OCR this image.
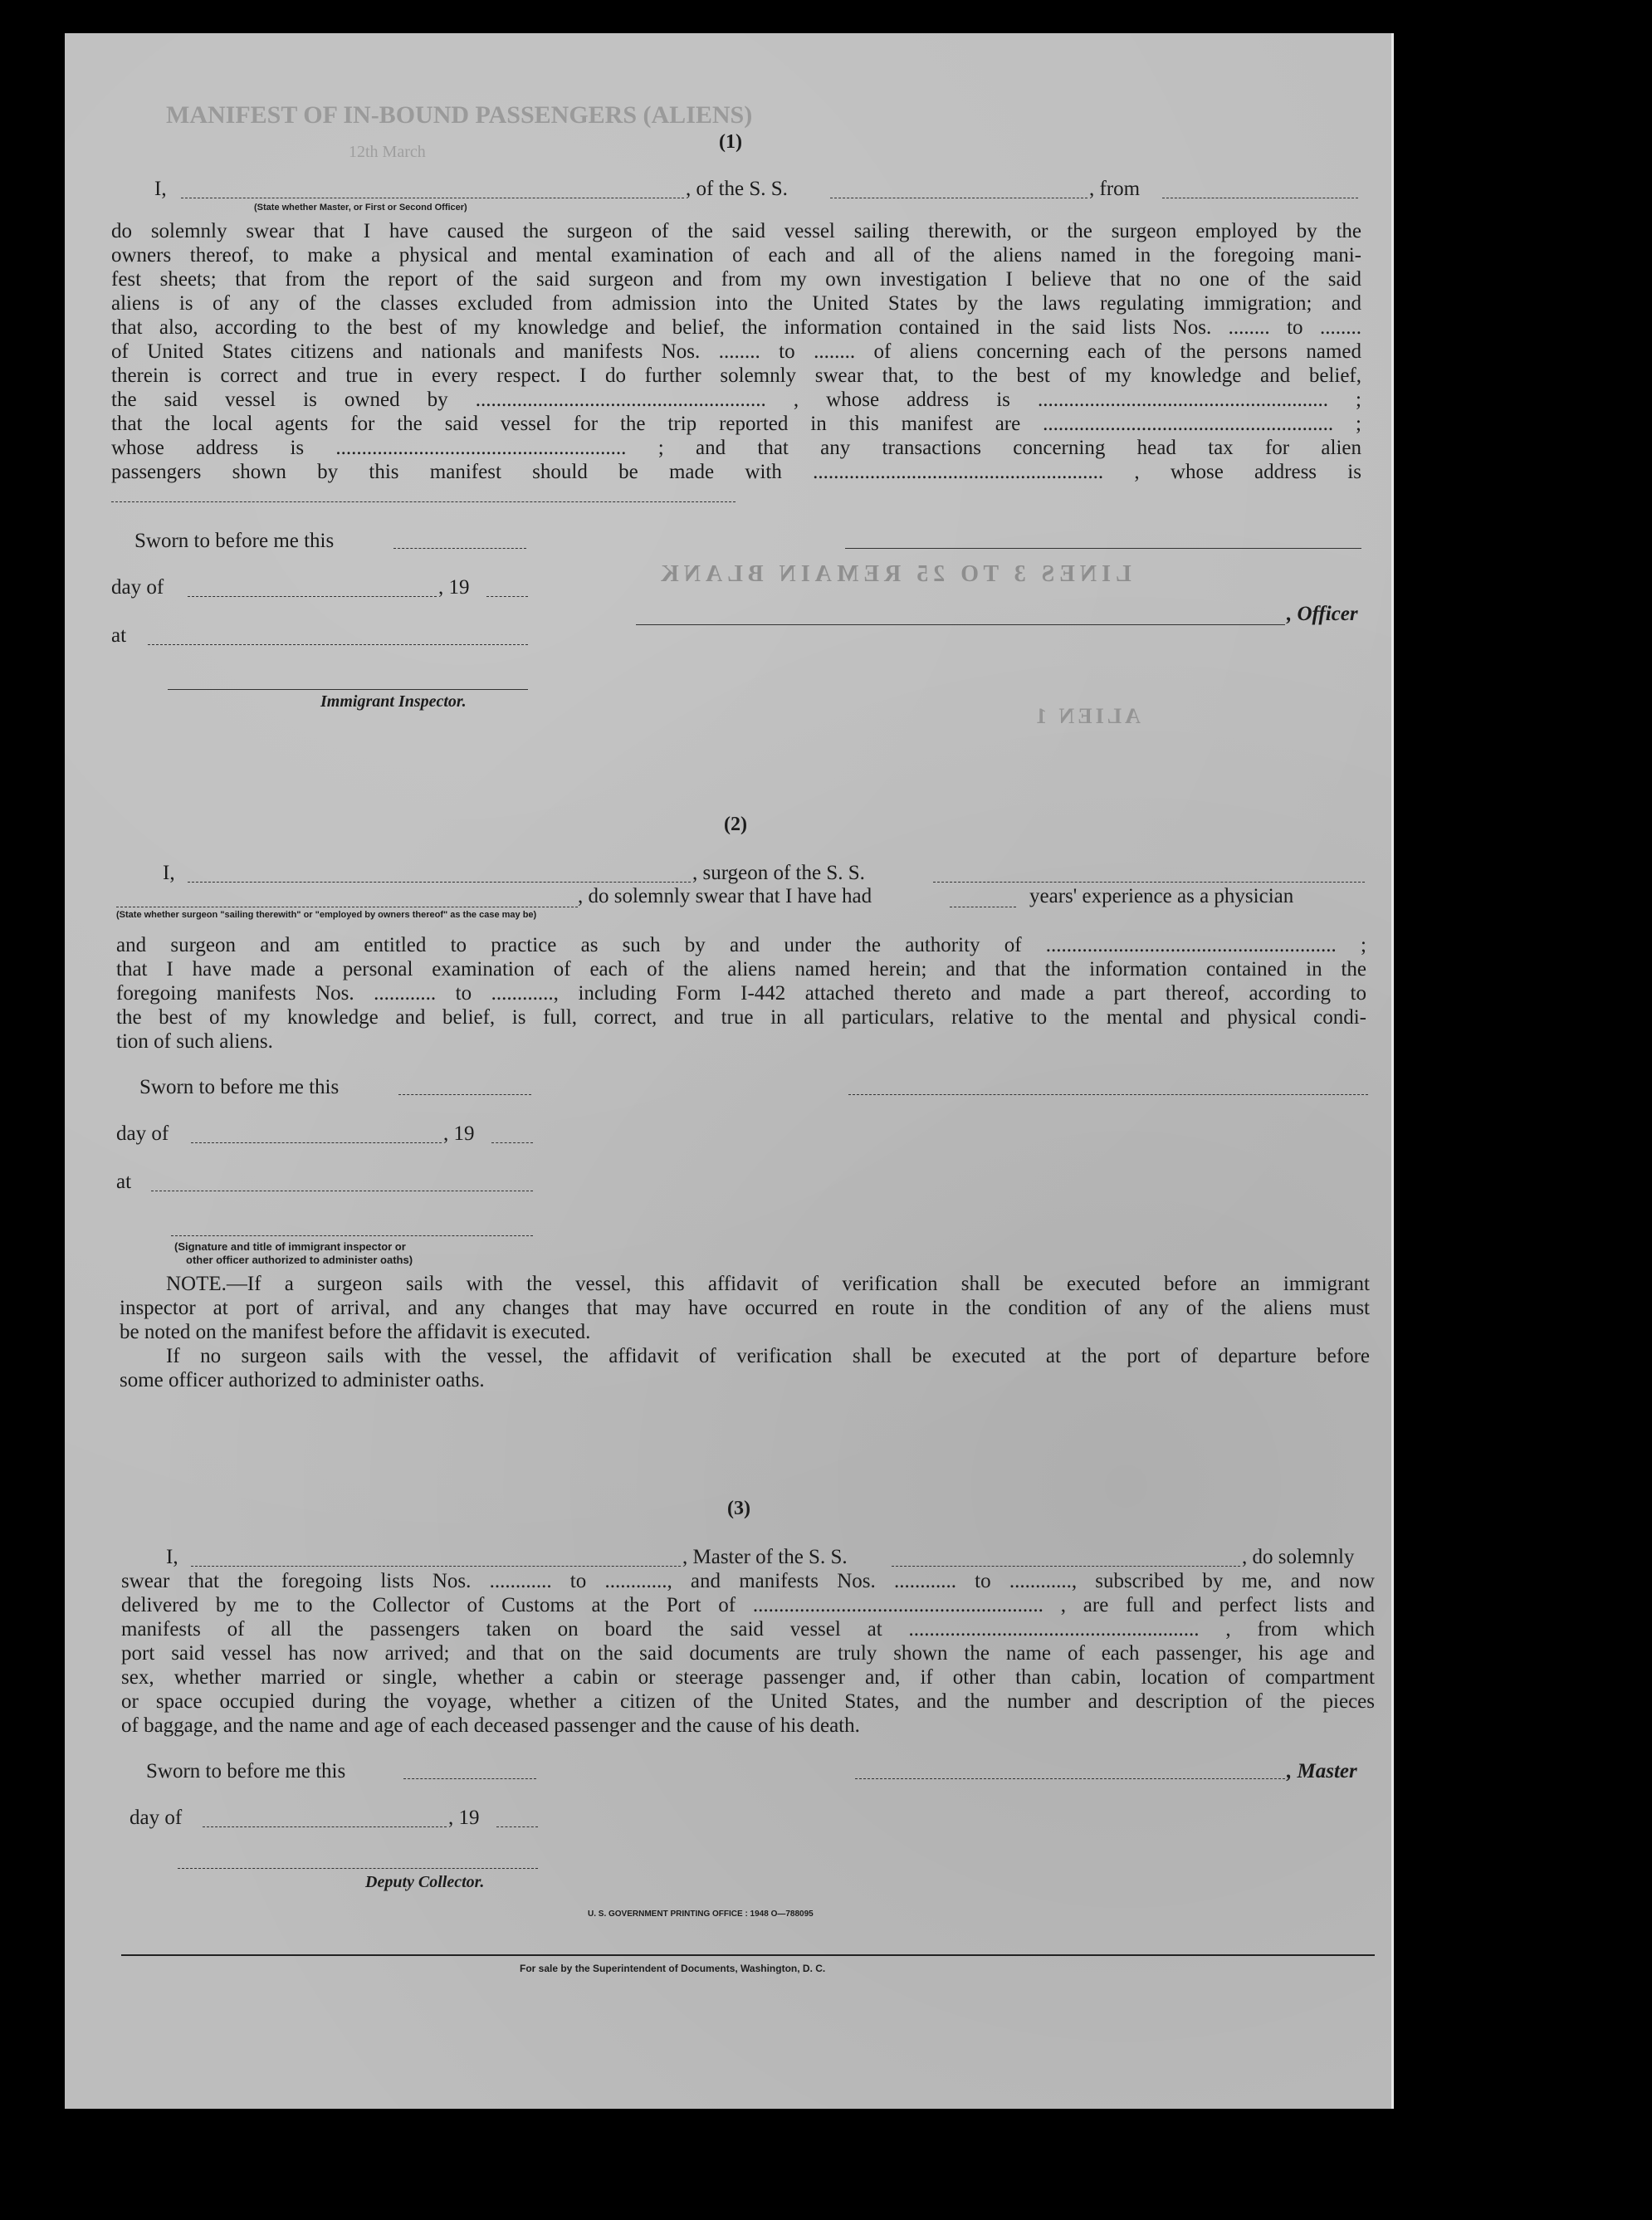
MANIFEST OF IN-BOUND PASSENGERS (ALIENS)
12th March	(1)
I,	, of the S. S.	, from
(State whether Master, or First or Second Officer)
do solemnly swear that I have caused the surgeon of the said vessel sailing therewith, or the surgeon employed by the
owners thereof, to make a physical and mental examination of each and all of the aliens named in the foregoing mani-
fest sheets; that from the report of the said surgeon and from my own investigation I believe that no one of the said
aliens is of any of the classes excluded from admission into the United States by the laws regulating immigration; and
that also, according to the best of my knowledge and belief, the information contained in the said lists Nos. ........ to ........
of United States citizens and nationals and manifests Nos. ........ to ........ of aliens concerning each of the persons named
therein is correct and true in every respect. I do further solemnly swear that, to the best of my knowledge and belief,
the said vessel is owned by ........................................................ , whose address is ........................................................ ;
that the local agents for the said vessel for the trip reported in this manifest are ........................................................ ;
whose address is ........................................................ ; and that any transactions concerning head tax for alien
passengers shown by this manifest should be made with ........................................................ , whose address is
Sworn to before me this
day of	, 19
LINES 3 TO 25 REMAIN BLANK
, Officer
at
Immigrant Inspector.
ALIEN 1
(2)
I,	, surgeon of the S. S.
, do solemnly swear that I have had	years' experience as a physician
(State whether surgeon "sailing therewith" or "employed by owners thereof" as the case may be)
and surgeon and am entitled to practice as such by and under the authority of ........................................................ ;
that I have made a personal examination of each of the aliens named herein; and that the information contained in the
foregoing manifests Nos. ............ to ............, including Form I-442 attached thereto and made a part thereof, according to
the best of my knowledge and belief, is full, correct, and true in all particulars, relative to the mental and physical condi-
tion of such aliens.
Sworn to before me this
day of	, 19
at
(Signature and title of immigrant inspector or
other officer authorized to administer oaths)
NOTE.—If a surgeon sails with the vessel, this affidavit of verification shall be executed before an immigrant
inspector at port of arrival, and any changes that may have occurred en route in the condition of any of the aliens must
be noted on the manifest before the affidavit is executed.
If no surgeon sails with the vessel, the affidavit of verification shall be executed at the port of departure before
some officer authorized to administer oaths.
(3)
I,	, Master of the S. S.	, do solemnly
swear that the foregoing lists Nos. ............ to ............, and manifests Nos. ............ to ............, subscribed by me, and now
delivered by me to the Collector of Customs at the Port of ........................................................ , are full and perfect lists and
manifests of all the passengers taken on board the said vessel at ........................................................ , from which
port said vessel has now arrived; and that on the said documents are truly shown the name of each passenger, his age and
sex, whether married or single, whether a cabin or steerage passenger and, if other than cabin, location of compartment
or space occupied during the voyage, whether a citizen of the United States, and the number and description of the pieces
of baggage, and the name and age of each deceased passenger and the cause of his death.
Sworn to before me this	, Master
day of	, 19
Deputy Collector.
U. S. GOVERNMENT PRINTING OFFICE : 1948 O—788095
For sale by the Superintendent of Documents, Washington, D. C.
